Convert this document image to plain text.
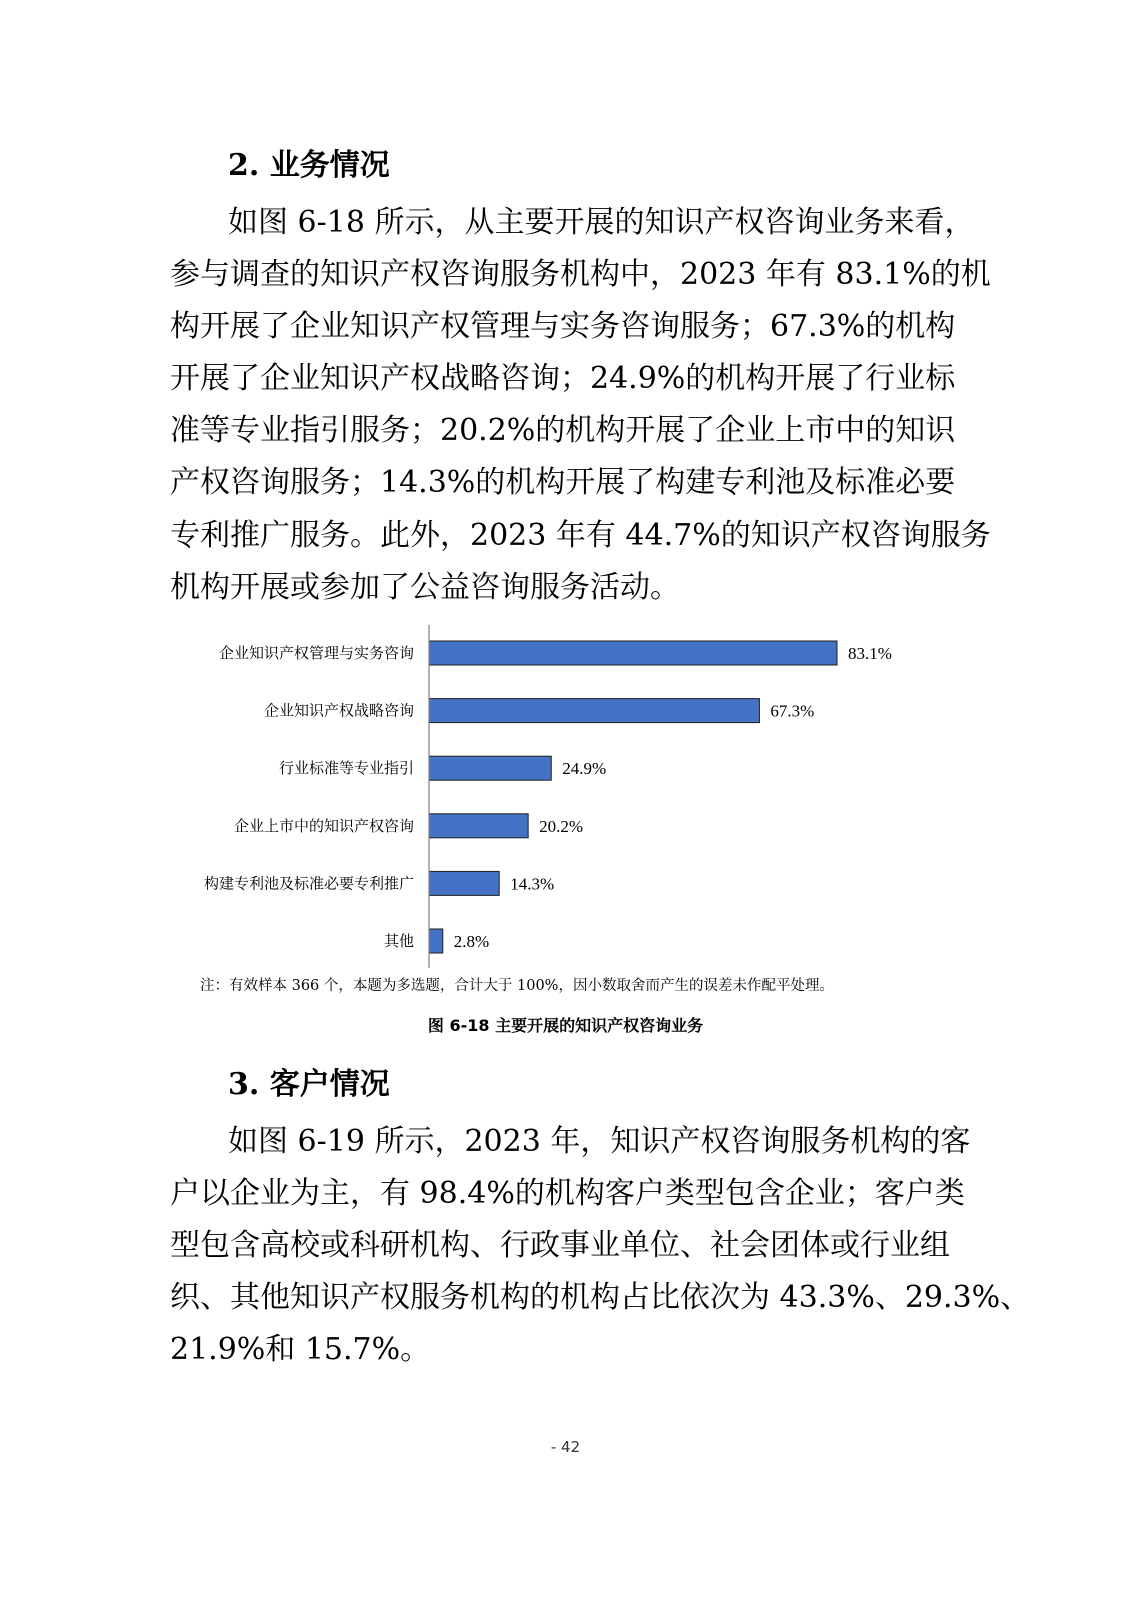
2. 业务情况
如图 6-18 所示，从主要开展的知识产权咨询业务来看，
参与调查的知识产权咨询服务机构中，2023 年有 83.1%的机
构开展了企业知识产权管理与实务咨询服务；67.3%的机构
开展了企业知识产权战略咨询；24.9%的机构开展了行业标
准等专业指引服务；20.2%的机构开展了企业上市中的知识
产权咨询服务；14.3%的机构开展了构建专利池及标准必要
专利推广服务。此外，2023 年有 44.7%的知识产权咨询服务
机构开展或参加了公益咨询服务活动。
企业知识产权管理与实务咨询	83.1%
企业知识产权战略咨询	67.3%
行业标准等专业指引	24.9%
企业上市中的知识产权咨询	20.2%
构建专利池及标准必要专利推广	14.3%
其他 2.8%
注：有效样本 366 个，本题为多选题，合计大于 100%，因小数取舍而产生的误差未作配平处理。
图 6-18 主要开展的知识产权咨询业务
3. 客户情况
如图 6-19 所示，2023 年，知识产权咨询服务机构的客
户以企业为主，有 98.4%的机构客户类型包含企业；客户类
型包含高校或科研机构、行政事业单位、社会团体或行业组
织、其他知识产权服务机构的机构占比依次为 43.3%、29.3%、
21.9%和 15.7%。
- 42
